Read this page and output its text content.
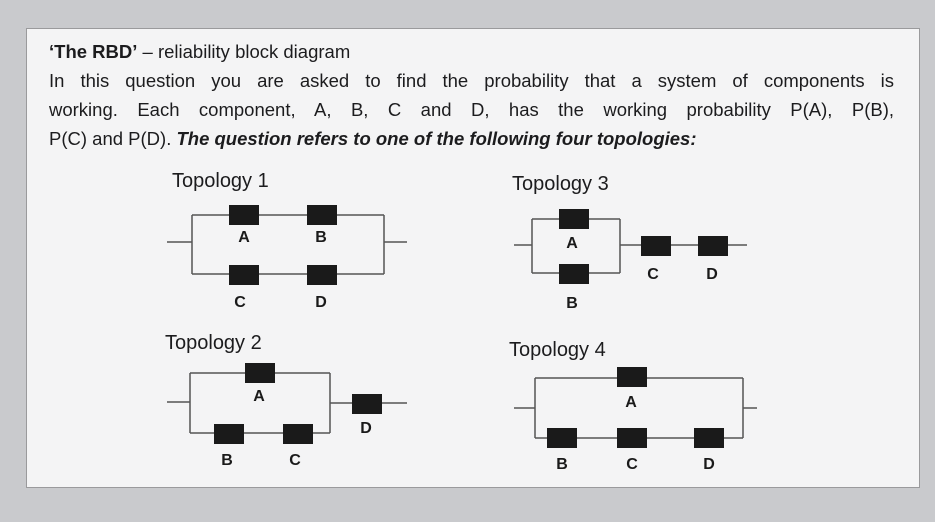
‘The RBD’ – reliability block diagram
In this question you are asked to find the probability that a system of components is
working. Each component, A, B, C and D, has the working probability P(A), P(B),
P(C) and P(D). The question refers to one of the following four topologies:
Topology 1
A	B
C	D
Topology 2
A
B	C
D
Topology 3
A
B
C	D
Topology 4
A
B	C	D
